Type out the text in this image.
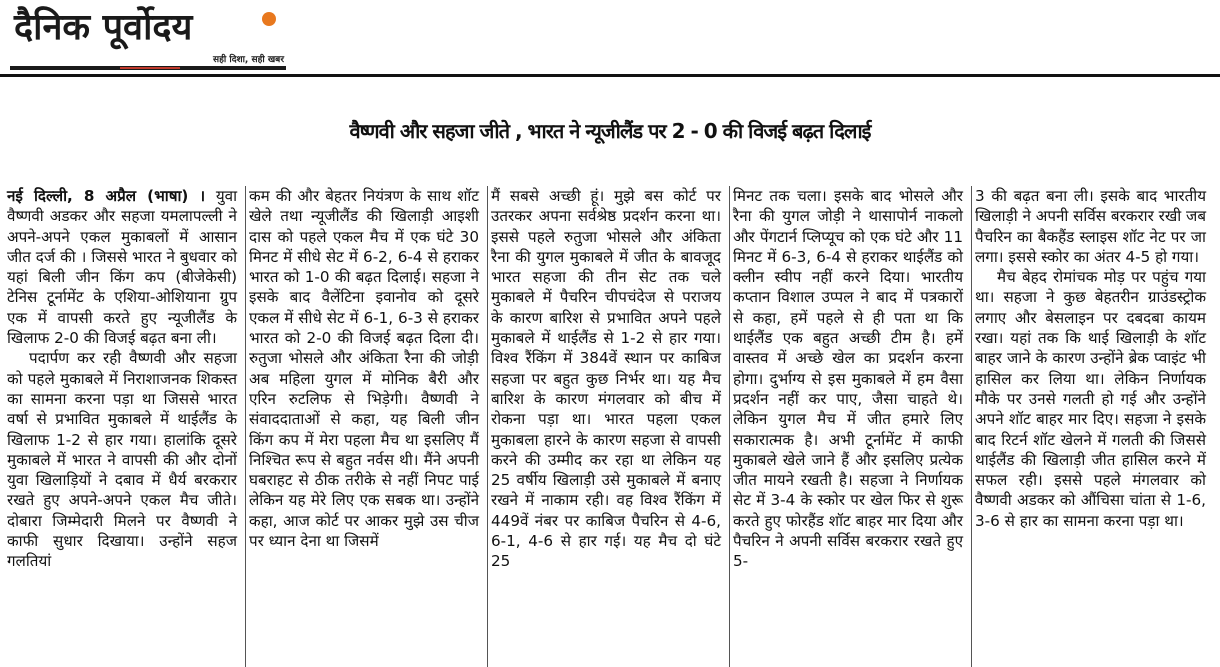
दैनिक पूर्वोदय
सही दिशा, सही खबर
वैष्णवी और सहजा जीते , भारत ने न्यूजीलैंड पर 2 - 0 की विजई बढ़त दिलाई

नई दिल्ली, 8 अप्रैल (भाषा) । युवा वैष्णवी अडकर और सहजा यमलापल्ली ने अपने-अपने एकल मुकाबलों में आसान जीत दर्ज की । जिससे भारत ने बुधवार को यहां बिली जीन किंग कप (बीजेकेसी) टेनिस टूर्नामेंट के एशिया-ओशियाना ग्रुप एक में वापसी करते हुए न्यूजीलैंड के खिलाफ 2-0 की विजई बढ़त बना ली।

पदार्पण कर रही वैष्णवी और सहजा को पहले मुकाबले में निराशाजनक शिकस्त का सामना करना पड़ा था जिससे भारत वर्षा से प्रभावित मुकाबले में थाईलैंड के खिलाफ 1-2 से हार गया। हालांकि दूसरे मुकाबले में भारत ने वापसी की और दोनों युवा खिलाड़ियों ने दबाव में धैर्य बरकरार रखते हुए अपने-अपने एकल मैच जीते। दोबारा जिम्मेदारी मिलने पर वैष्णवी ने काफी सुधार दिखाया। उन्होंने सहज गलतियां

कम की और बेहतर नियंत्रण के साथ शॉट खेले तथा न्यूजीलैंड की खिलाड़ी आइशी दास को पहले एकल मैच में एक घंटे 30 मिनट में सीधे सेट में 6-2, 6-4 से हराकर भारत को 1-0 की बढ़त दिलाई। सहजा ने इसके बाद वैलेंटिना इवानोव को दूसरे एकल में सीधे सेट में 6-1, 6-3 से हराकर भारत को 2-0 की विजई बढ़त दिला दी। रुतुजा भोसले और अंकिता रैना की जोड़ी अब महिला युगल में मोनिक बैरी और एरिन रुटलिफ से भिड़ेगी। वैष्णवी ने संवाददाताओं से कहा, यह बिली जीन किंग कप में मेरा पहला मैच था इसलिए मैं निश्चित रूप से बहुत नर्वस थी। मैंने अपनी घबराहट से ठीक तरीके से नहीं निपट पाई लेकिन यह मेरे लिए एक सबक था। उन्होंने कहा, आज कोर्ट पर आकर मुझे उस चीज पर ध्यान देना था जिसमें

मैं सबसे अच्छी हूं। मुझे बस कोर्ट पर उतरकर अपना सर्वश्रेष्ठ प्रदर्शन करना था। इससे पहले रुतुजा भोसले और अंकिता रैना की युगल मुकाबले में जीत के बावजूद भारत सहजा की तीन सेट तक चले मुकाबले में पैचरिन चीपचंदेज से पराजय के कारण बारिश से प्रभावित अपने पहले मुकाबले में थाईलैंड से 1-2 से हार गया। विश्व रैंकिंग में 384वें स्थान पर काबिज सहजा पर बहुत कुछ निर्भर था। यह मैच बारिश के कारण मंगलवार को बीच में रोकना पड़ा था। भारत पहला एकल मुकाबला हारने के कारण सहजा से वापसी करने की उम्मीद कर रहा था लेकिन यह 25 वर्षीय खिलाड़ी उसे मुकाबले में बनाए रखने में नाकाम रही। वह विश्व रैंकिंग में 449वें नंबर पर काबिज पैचरिन से 4-6, 6-1, 4-6 से हार गई। यह मैच दो घंटे 25

मिनट तक चला। इसके बाद भोसले और रैना की युगल जोड़ी ने थासापोर्न नाकलो और पेंगटार्न प्लिप्यूच को एक घंटे और 11 मिनट में 6-3, 6-4 से हराकर थाईलैंड को क्लीन स्वीप नहीं करने दिया। भारतीय कप्तान विशाल उप्पल ने बाद में पत्रकारों से कहा, हमें पहले से ही पता था कि थाईलैंड एक बहुत अच्छी टीम है। हमें वास्तव में अच्छे खेल का प्रदर्शन करना होगा। दुर्भाग्य से इस मुकाबले में हम वैसा प्रदर्शन नहीं कर पाए, जैसा चाहते थे। लेकिन युगल मैच में जीत हमारे लिए सकारात्मक है। अभी टूर्नामेंट में काफी मुकाबले खेले जाने हैं और इसलिए प्रत्येक जीत मायने रखती है। सहजा ने निर्णायक सेट में 3-4 के स्कोर पर खेल फिर से शुरू करते हुए फोरहैंड शॉट बाहर मार दिया और पैचरिन ने अपनी सर्विस बरकरार रखते हुए 5-

3 की बढ़त बना ली। इसके बाद भारतीय खिलाड़ी ने अपनी सर्विस बरकरार रखी जब पैचरिन का बैकहैंड स्लाइस शॉट नेट पर जा लगा। इससे स्कोर का अंतर 4-5 हो गया।

मैच बेहद रोमांचक मोड़ पर पहुंच गया था। सहजा ने कुछ बेहतरीन ग्राउंडस्ट्रोक लगाए और बेसलाइन पर दबदबा कायम रखा। यहां तक कि थाई खिलाड़ी के शॉट बाहर जाने के कारण उन्होंने ब्रेक प्वाइंट भी हासिल कर लिया था। लेकिन निर्णायक मौके पर उनसे गलती हो गई और उन्होंने अपने शॉट बाहर मार दिए। सहजा ने इसके बाद रिटर्न शॉट खेलने में गलती की जिससे थाईलैंड की खिलाड़ी जीत हासिल करने में सफल रही। इससे पहले मंगलवार को वैष्णवी अडकर को औंचिसा चांता से 1-6, 3-6 से हार का सामना करना पड़ा था।
